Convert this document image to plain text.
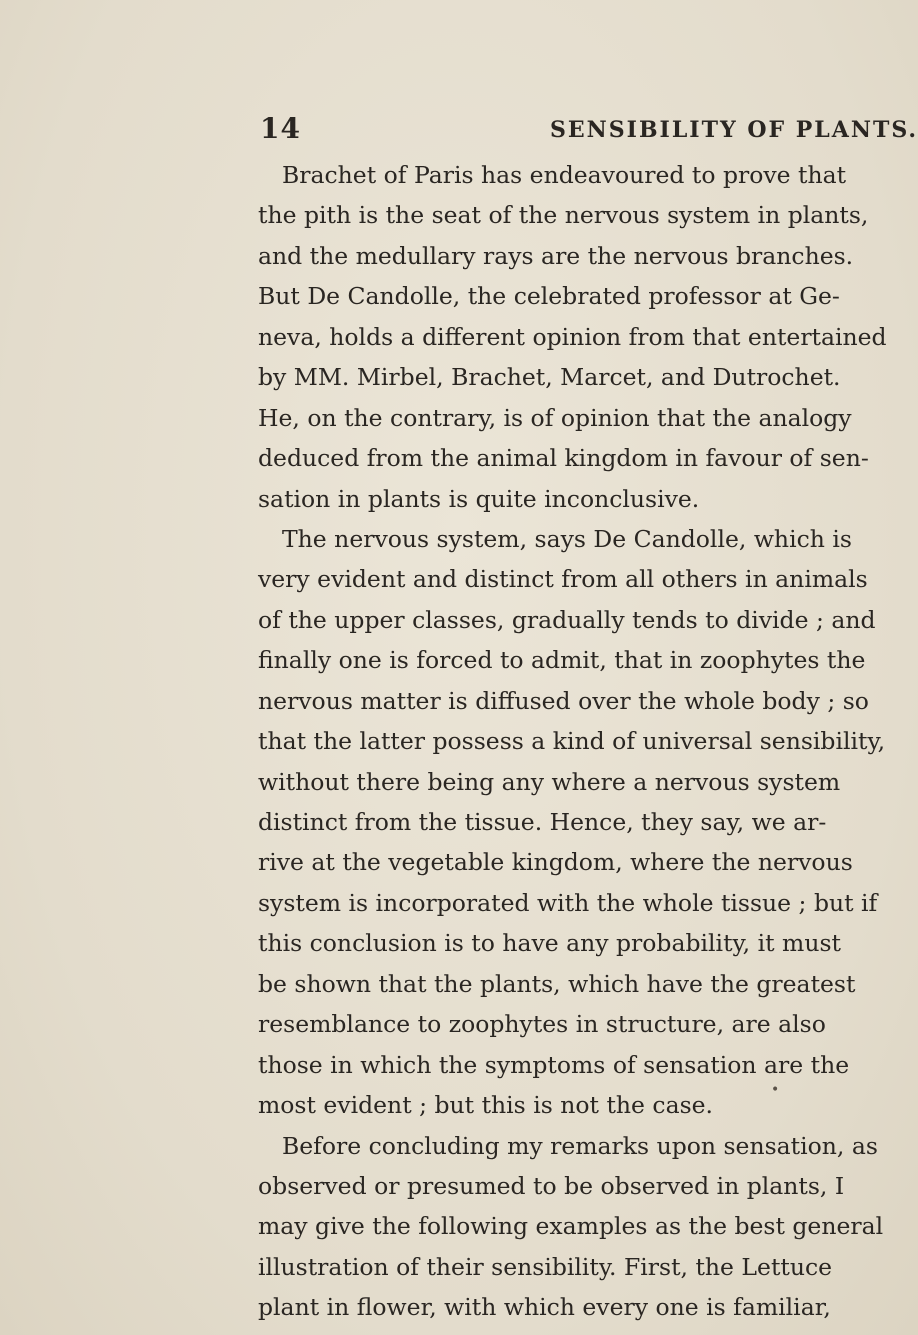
14	SENSIBILITY OF PLANTS.
Brachet of Paris has endeavoured to prove that
the pith is the seat of the nervous system in plants,
and the medullary rays are the nervous branches.
But De Candolle, the celebrated professor at Ge-
neva, holds a different opinion from that entertained
by MM. Mirbel, Brachet, Marcet, and Dutrochet.
He, on the contrary, is of opinion that the analogy
deduced from the animal kingdom in favour of sen-
sation in plants is quite inconclusive.
The nervous system, says De Candolle, which is
very evident and distinct from all others in animals
of the upper classes, gradually tends to divide ; and
finally one is forced to admit, that in zoophytes the
nervous matter is diffused over the whole body ; so
that the latter possess a kind of universal sensibility,
without there being any where a nervous system
distinct from the tissue. Hence, they say, we ar-
rive at the vegetable kingdom, where the nervous
system is incorporated with the whole tissue ; but if
this conclusion is to have any probability, it must
be shown that the plants, which have the greatest
resemblance to zoophytes in structure, are also
those in which the symptoms of sensation are the
most evident ; but this is not the case.
Before concluding my remarks upon sensation, as
observed or presumed to be observed in plants, I
may give the following examples as the best general
illustration of their sensibility. First, the Lettuce
plant in flower, with which every one is familiar,
•
